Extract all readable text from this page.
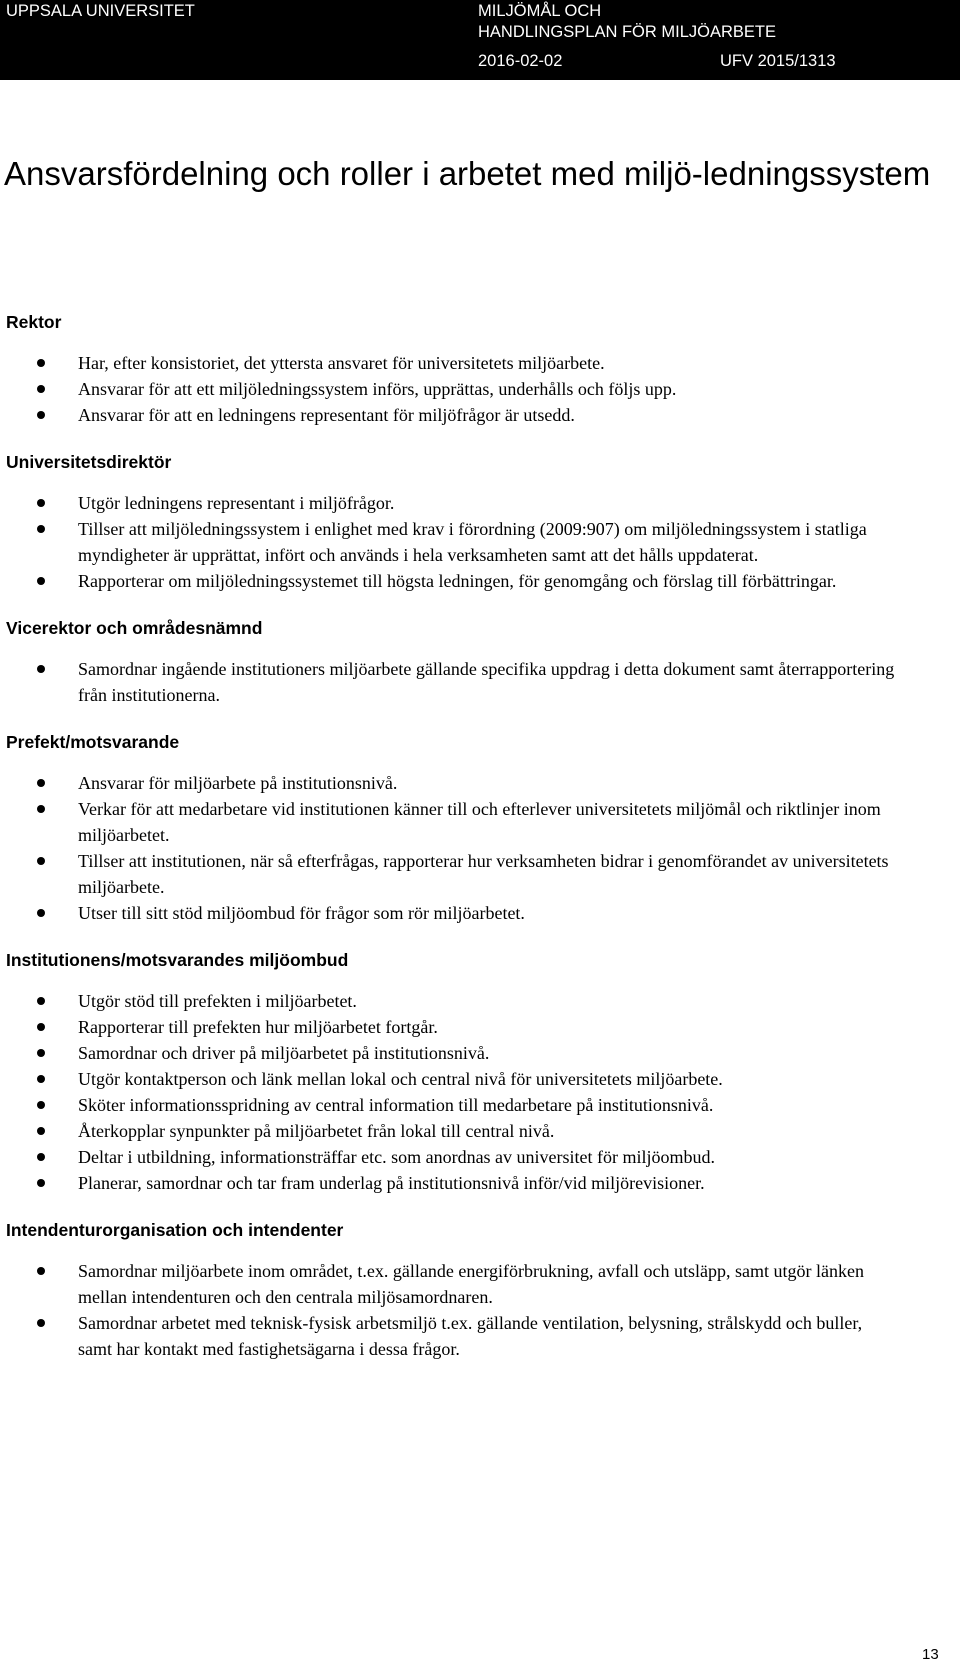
UPPSALA UNIVERSITET	MILJÖMÅL OCH
HANDLINGSPLAN FÖR MILJÖARBETE
2016-02-02	UFV 2015/1313
Ansvarsfördelning och roller i arbetet med miljö-ledningssystem
Rektor
Har, efter konsistoriet, det yttersta ansvaret för universitetets miljöarbete.
Ansvarar för att ett miljöledningssystem införs, upprättas, underhålls och följs upp.
Ansvarar för att en ledningens representant för miljöfrågor är utsedd.
Universitetsdirektör
Utgör ledningens representant i miljöfrågor.
Tillser att miljöledningssystem i enlighet med krav i förordning (2009:907) om miljöledningssystem i statliga myndigheter är upprättat, infört och används i hela verksamheten samt att det hålls uppdaterat.
Rapporterar om miljöledningssystemet till högsta ledningen, för genomgång och förslag till förbättringar.
Vicerektor och områdesnämnd
Samordnar ingående institutioners miljöarbete gällande specifika uppdrag i detta dokument samt återrapportering från institutionerna.
Prefekt/motsvarande
Ansvarar för miljöarbete på institutionsnivå.
Verkar för att medarbetare vid institutionen känner till och efterlever universitetets miljömål och riktlinjer inom miljöarbetet.
Tillser att institutionen, när så efterfrågas, rapporterar hur verksamheten bidrar i genomförandet av universitetets miljöarbete.
Utser till sitt stöd miljöombud för frågor som rör miljöarbetet.
Institutionens/motsvarandes miljöombud
Utgör stöd till prefekten i miljöarbetet.
Rapporterar till prefekten hur miljöarbetet fortgår.
Samordnar och driver på miljöarbetet på institutionsnivå.
Utgör kontaktperson och länk mellan lokal och central nivå för universitetets miljöarbete.
Sköter informationsspridning av central information till medarbetare på institutionsnivå.
Återkopplar synpunkter på miljöarbetet från lokal till central nivå.
Deltar i utbildning, informationsträffar etc. som anordnas av universitet för miljöombud.
Planerar, samordnar och tar fram underlag på institutionsnivå inför/vid miljörevisioner.
Intendenturorganisation och intendenter
Samordnar miljöarbete inom området, t.ex. gällande energiförbrukning, avfall och utsläpp, samt utgör länken mellan intendenturen och den centrala miljösamordnaren.
Samordnar arbetet med teknisk-fysisk arbetsmiljö t.ex. gällande ventilation, belysning, strålskydd och buller, samt har kontakt med fastighetsägarna i dessa frågor.
13
